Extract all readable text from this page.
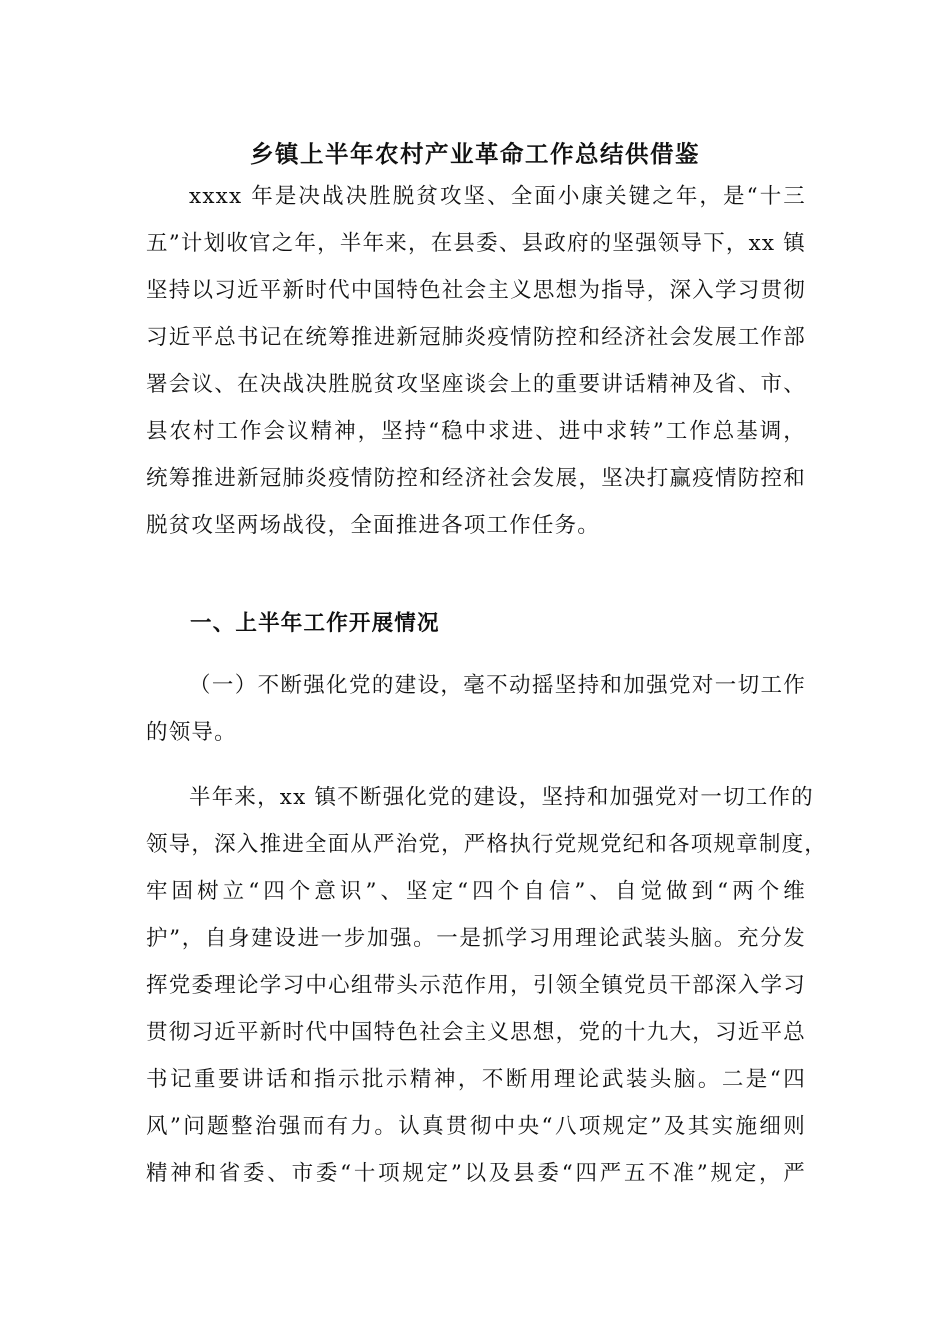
乡镇上半年农村产业革命工作总结供借鉴
xxxx 年是决战决胜脱贫攻坚、全面小康关键之年，是“十三
五”计划收官之年，半年来，在县委、县政府的坚强领导下，xx 镇
坚持以习近平新时代中国特色社会主义思想为指导，深入学习贯彻
习近平总书记在统筹推进新冠肺炎疫情防控和经济社会发展工作部
署会议、在决战决胜脱贫攻坚座谈会上的重要讲话精神及省、市、
县农村工作会议精神，坚持“稳中求进、进中求转”工作总基调，
统筹推进新冠肺炎疫情防控和经济社会发展，坚决打赢疫情防控和
脱贫攻坚两场战役，全面推进各项工作任务。
一、上半年工作开展情况
（一）不断强化党的建设，毫不动摇坚持和加强党对一切工作
的领导。
半年来，xx 镇不断强化党的建设，坚持和加强党对一切工作的
领导，深入推进全面从严治党，严格执行党规党纪和各项规章制度，
牢固树立“四个意识”、坚定“四个自信”、自觉做到“两个维
护”，自身建设进一步加强。一是抓学习用理论武装头脑。充分发
挥党委理论学习中心组带头示范作用，引领全镇党员干部深入学习
贯彻习近平新时代中国特色社会主义思想，党的十九大，习近平总
书记重要讲话和指示批示精神，不断用理论武装头脑。二是“四
风”问题整治强而有力。认真贯彻中央“八项规定”及其实施细则
精神和省委、市委“十项规定”以及县委“四严五不准”规定，严
